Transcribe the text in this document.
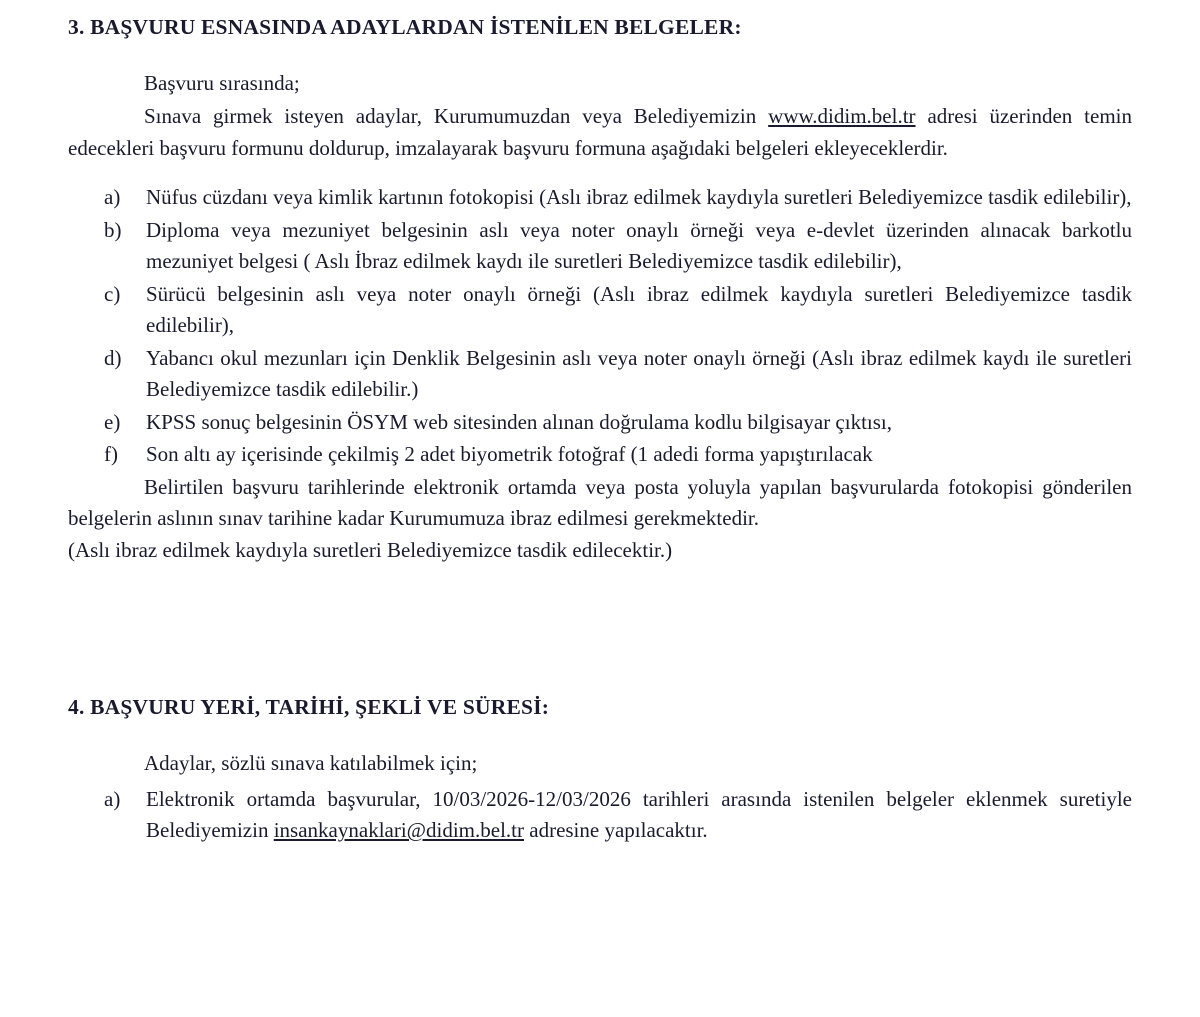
3. BAŞVURU ESNASINDA ADAYLARDAN İSTENİLEN BELGELER:

Başvuru sırasında;

Sınava girmek isteyen adaylar, Kurumumuzdan veya Belediyemizin www.didim.bel.tr adresi üzerinden temin edecekleri başvuru formunu doldurup, imzalayarak başvuru formuna aşağıdaki belgeleri ekleyeceklerdir.

a)	Nüfus cüzdanı veya kimlik kartının fotokopisi (Aslı ibraz edilmek kaydıyla suretleri Belediyemizce tasdik edilebilir),
b)	Diploma veya mezuniyet belgesinin aslı veya noter onaylı örneği veya e-devlet üzerinden alınacak barkotlu mezuniyet belgesi ( Aslı İbraz edilmek kaydı ile suretleri Belediyemizce tasdik edilebilir),
c)	Sürücü belgesinin aslı veya noter onaylı örneği (Aslı ibraz edilmek kaydıyla suretleri Belediyemizce tasdik edilebilir),
d)	Yabancı okul mezunları için Denklik Belgesinin aslı veya noter onaylı örneği (Aslı ibraz edilmek kaydı ile suretleri Belediyemizce tasdik edilebilir.)
e)	KPSS sonuç belgesinin ÖSYM web sitesinden alınan doğrulama kodlu bilgisayar çıktısı,
f)	Son altı ay içerisinde çekilmiş 2 adet biyometrik fotoğraf (1 adedi forma yapıştırılacak

Belirtilen başvuru tarihlerinde elektronik ortamda veya posta yoluyla yapılan başvurularda fotokopisi gönderilen belgelerin aslının sınav tarihine kadar Kurumumuza ibraz edilmesi gerekmektedir.

(Aslı ibraz edilmek kaydıyla suretleri Belediyemizce tasdik edilecektir.)

4. BAŞVURU YERİ, TARİHİ, ŞEKLİ VE SÜRESİ:

Adaylar, sözlü sınava katılabilmek için;

a)	Elektronik ortamda başvurular, 10/03/2026-12/03/2026 tarihleri arasında istenilen belgeler eklenmek suretiyle Belediyemizin insankaynaklari@didim.bel.tr adresine yapılacaktır.
